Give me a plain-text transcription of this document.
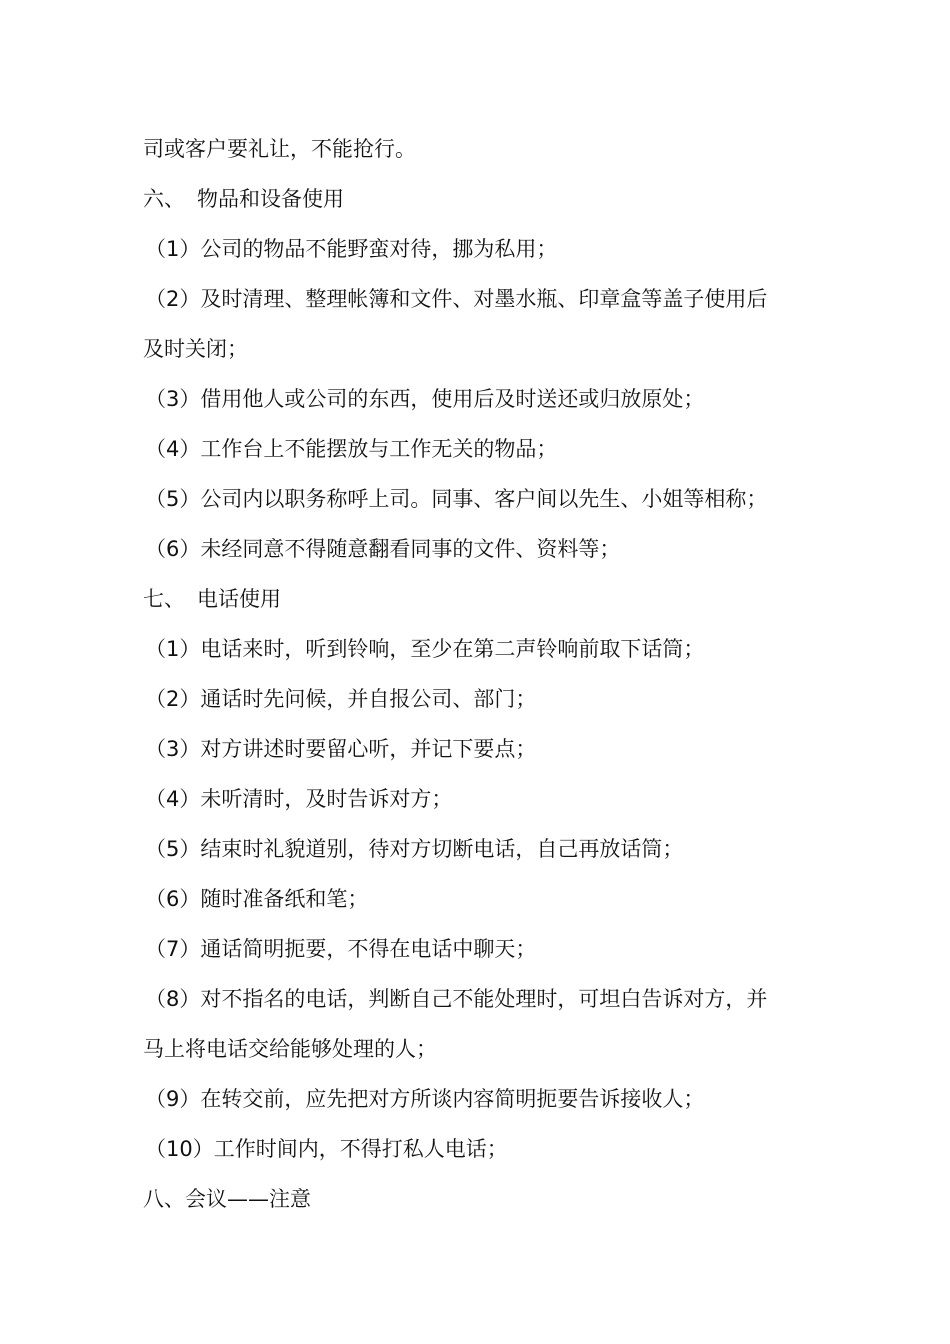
司或客户要礼让，不能抢行。
六、 物品和设备使用
（1）公司的物品不能野蛮对待，挪为私用；
（2）及时清理、整理帐簿和文件、对墨水瓶、印章盒等盖子使用后
及时关闭；
（3）借用他人或公司的东西，使用后及时送还或归放原处；
（4）工作台上不能摆放与工作无关的物品；
（5）公司内以职务称呼上司。同事、客户间以先生、小姐等相称；
（6）未经同意不得随意翻看同事的文件、资料等；
七、 电话使用
（1）电话来时，听到铃响，至少在第二声铃响前取下话筒；
（2）通话时先问候，并自报公司、部门；
（3）对方讲述时要留心听，并记下要点；
（4）未听清时，及时告诉对方；
（5）结束时礼貌道别，待对方切断电话，自己再放话筒；
（6）随时准备纸和笔；
（7）通话简明扼要，不得在电话中聊天；
（8）对不指名的电话，判断自己不能处理时，可坦白告诉对方，并
马上将电话交给能够处理的人；
（9）在转交前，应先把对方所谈内容简明扼要告诉接收人；
（10）工作时间内，不得打私人电话；
八、会议——注意
